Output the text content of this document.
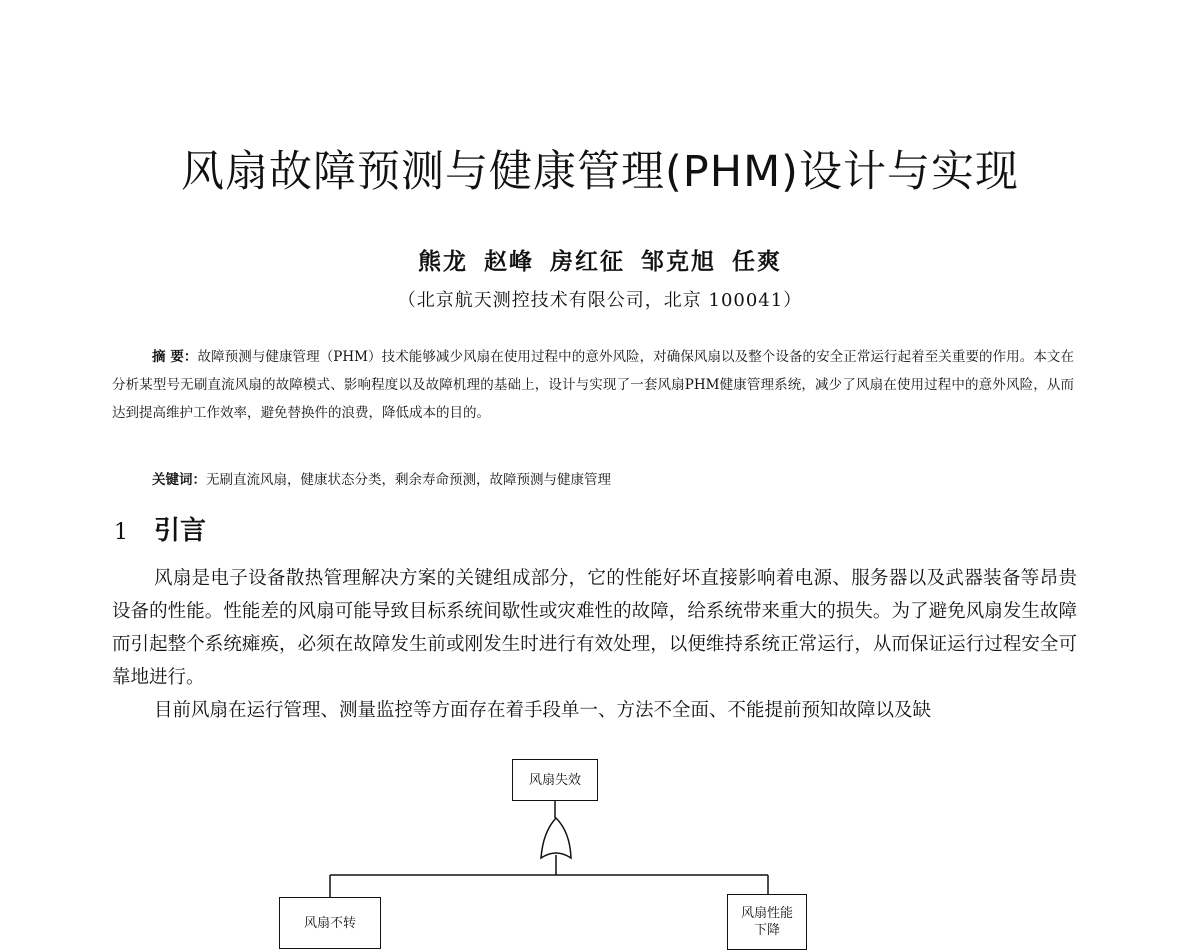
风扇故障预测与健康管理(PHM)设计与实现
熊龙 赵峰 房红征 邹克旭 任爽
（北京航天测控技术有限公司，北京 100041）
摘 要：故障预测与健康管理（PHM）技术能够减少风扇在使用过程中的意外风险，对确保风扇以及整个设备的安全正常运行起着至关重要的作用。本文在分析某型号无刷直流风扇的故障模式、影响程度以及故障机理的基础上，设计与实现了一套风扇PHM健康管理系统，减少了风扇在使用过程中的意外风险，从而达到提高维护工作效率，避免替换件的浪费，降低成本的目的。
关键词：无刷直流风扇，健康状态分类，剩余寿命预测，故障预测与健康管理
1 引言

风扇是电子设备散热管理解决方案的关键组成部分，它的性能好坏直接影响着电源、服务器以及武器装备等昂贵设备的性能。性能差的风扇可能导致目标系统间歇性或灾难性的故障，给系统带来重大的损失。为了避免风扇发生故障而引起整个系统瘫痪，必须在故障发生前或刚发生时进行有效处理，以便维持系统正常运行，从而保证运行过程安全可靠地进行。

目前风扇在运行管理、测量监控等方面存在着手段单一、方法不全面、不能提前预知故障以及缺

风扇失效
风扇不转
风扇性能下降
